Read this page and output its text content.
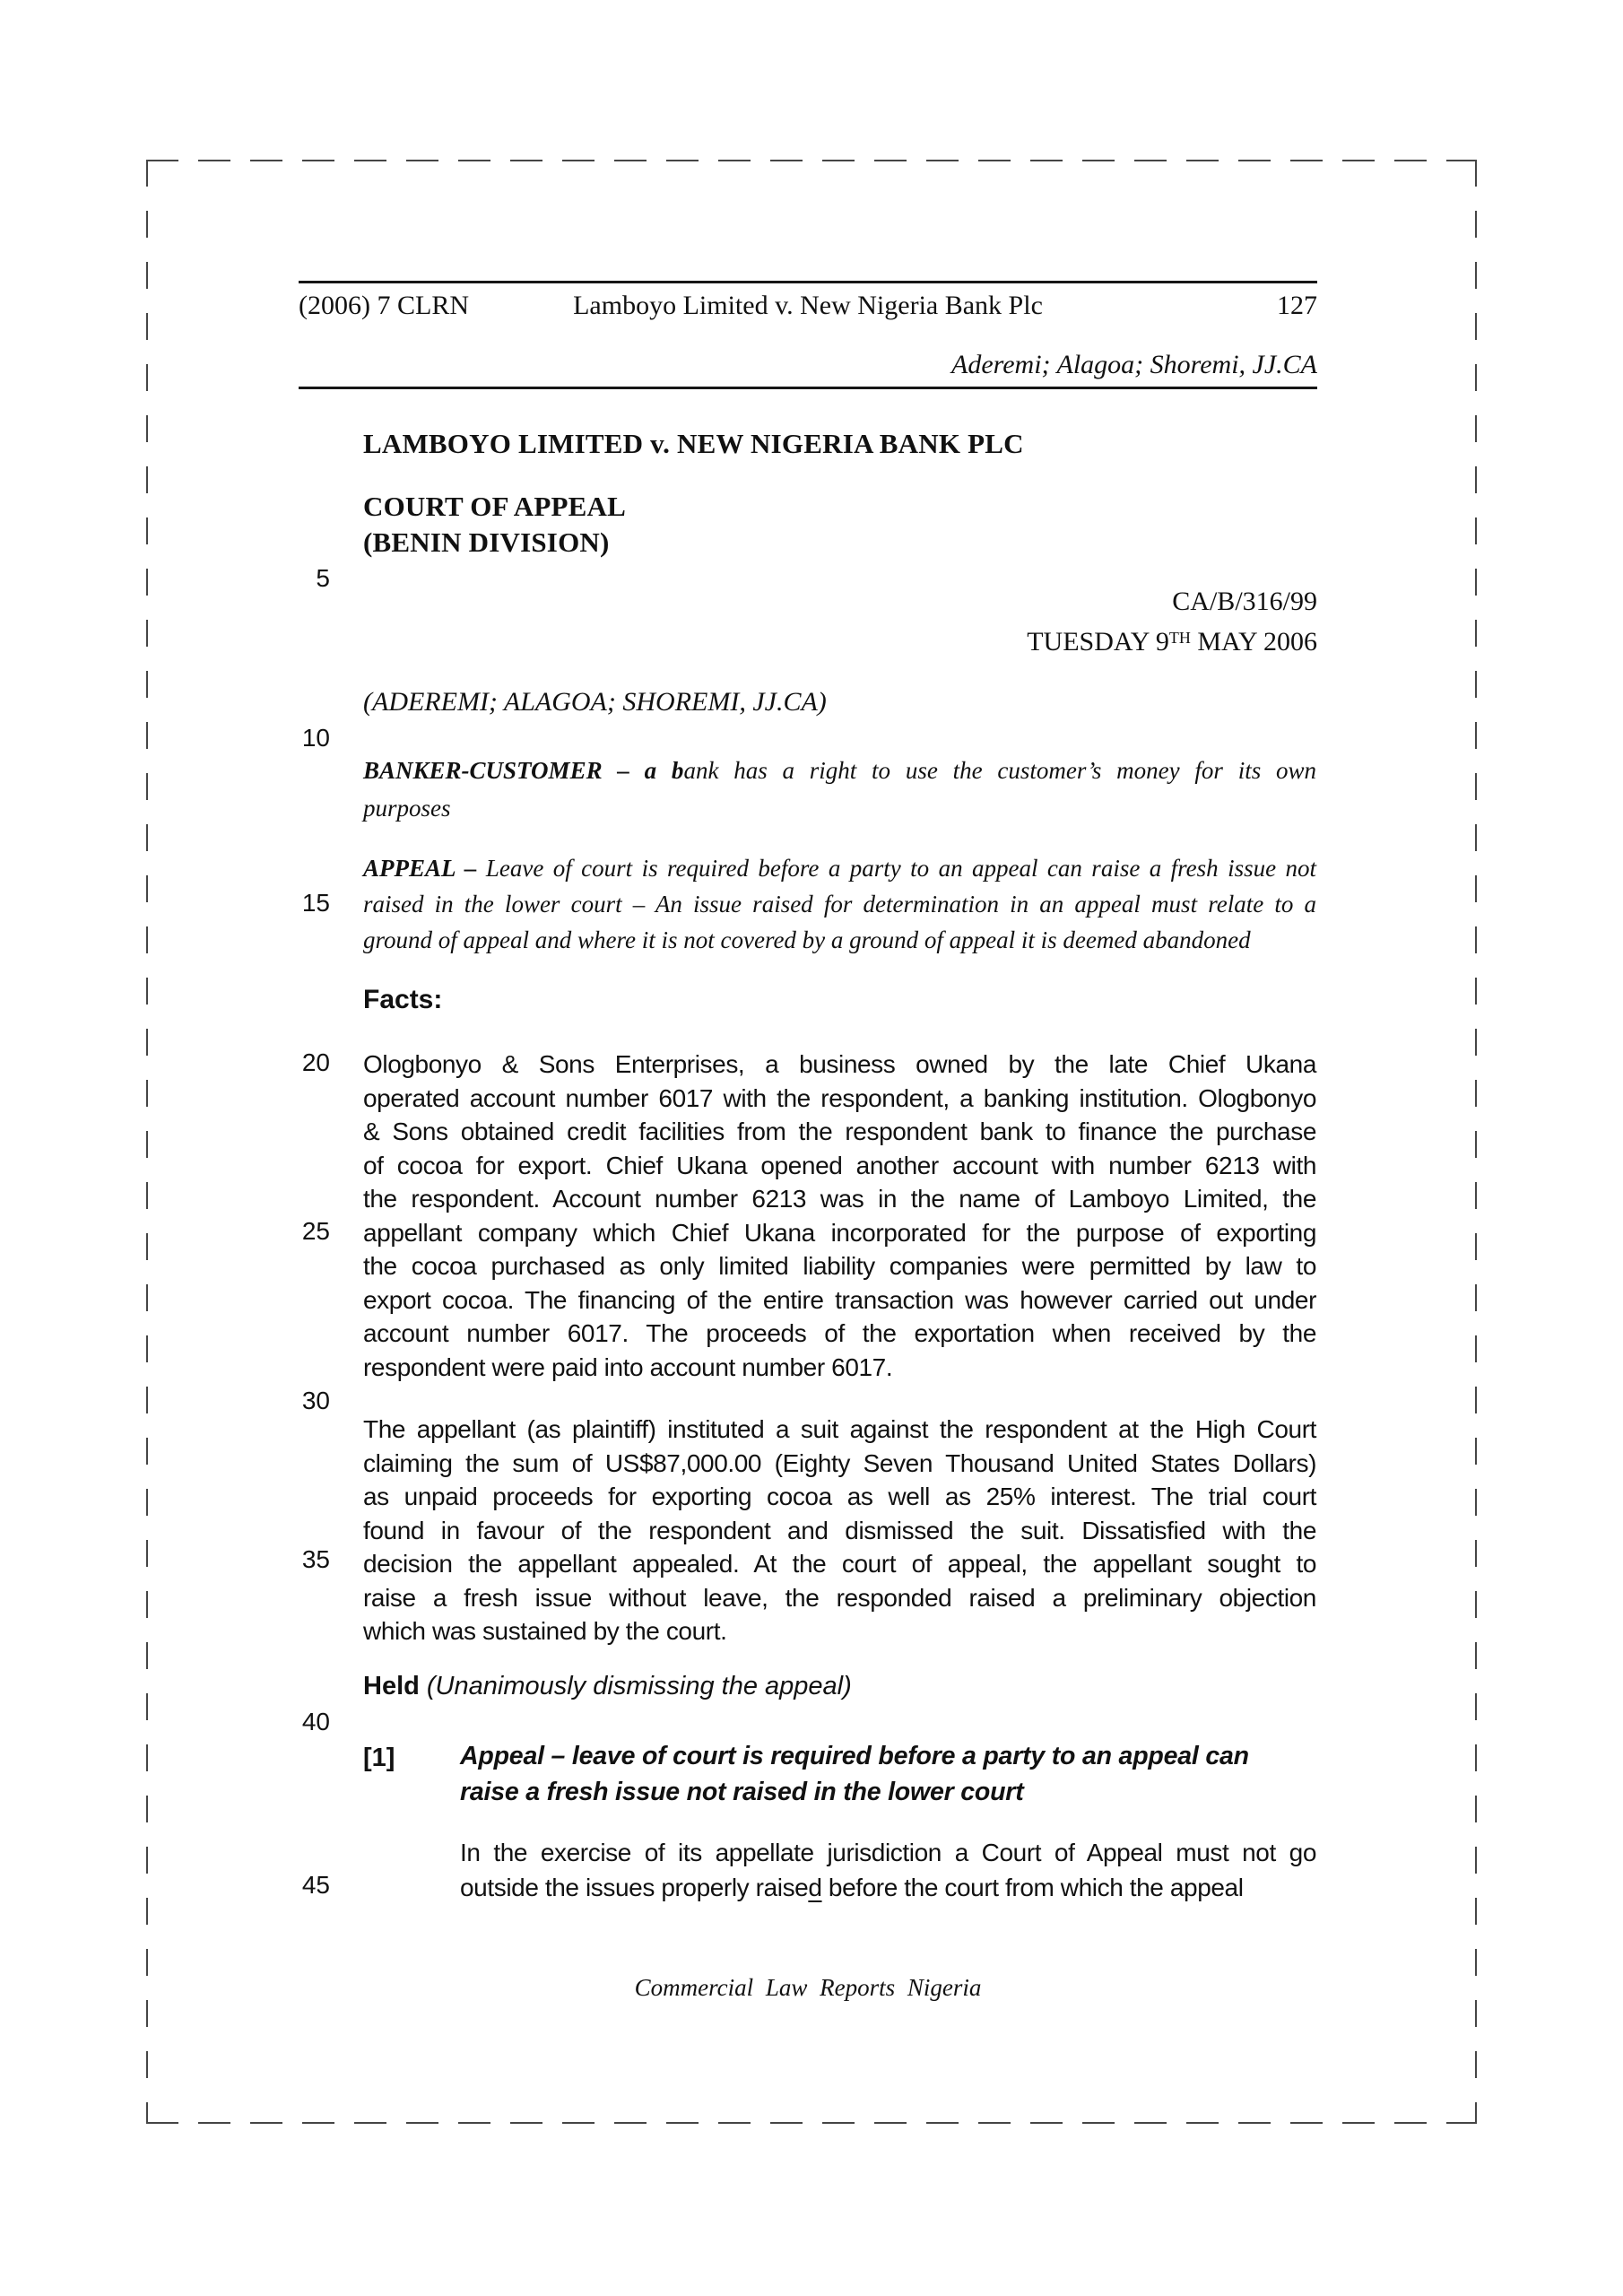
(2006) 7 CLRN	Lamboyo Limited v. New Nigeria Bank Plc	127
Aderemi; Alagoa; Shoremi, JJ.CA
LAMBOYO LIMITED v. NEW NIGERIA BANK PLC
COURT OF APPEAL
(BENIN DIVISION)
CA/B/316/99
TUESDAY 9TH MAY 2006
(ADEREMI; ALAGOA; SHOREMI, JJ.CA)
BANKER-CUSTOMER – a bank has a right to use the customer’s money for its own
purposes
APPEAL – Leave of court is required before a party to an appeal can raise a fresh issue not
raised in the lower court – An issue raised for determination in an appeal must relate to a
ground of appeal and where it is not covered by a ground of appeal it is deemed abandoned
Facts:
Ologbonyo & Sons Enterprises, a business owned by the late Chief Ukana
operated account number 6017 with the respondent, a banking institution. Ologbonyo
& Sons obtained credit facilities from the respondent bank to finance the purchase
of cocoa for export. Chief Ukana opened another account with number 6213 with
the respondent. Account number 6213 was in the name of Lamboyo Limited, the
appellant company which Chief Ukana incorporated for the purpose of exporting
the cocoa purchased as only limited liability companies were permitted by law to
export cocoa. The financing of the entire transaction was however carried out under
account number 6017. The proceeds of the exportation when received by the
respondent were paid into account number 6017.
The appellant (as plaintiff) instituted a suit against the respondent at the High Court
claiming the sum of US$87,000.00 (Eighty Seven Thousand United States Dollars)
as unpaid proceeds for exporting cocoa as well as 25% interest. The trial court
found in favour of the respondent and dismissed the suit. Dissatisfied with the
decision the appellant appealed. At the court of appeal, the appellant sought to
raise a fresh issue without leave, the responded raised a preliminary objection
which was sustained by the court.
Held (Unanimously dismissing the appeal)
[1]	Appeal – leave of court is required before a party to an appeal can
raise a fresh issue not raised in the lower court
In the exercise of its appellate jurisdiction a Court of Appeal must not go
outside the issues properly raised before the court from which the appeal
5
10
15
20
25
30
35
40
45
Commercial Law Reports Nigeria
